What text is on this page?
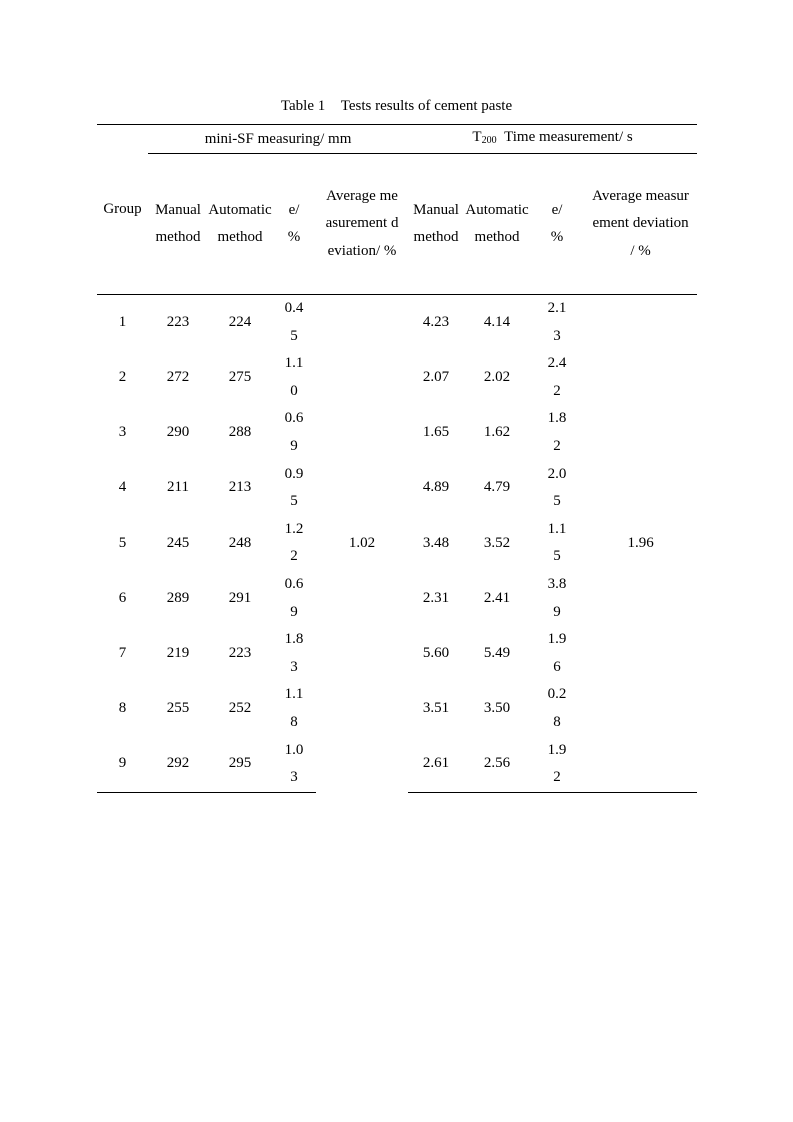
Table 1 Tests results of cement paste
Group	mini-SF measuring/ mm				$T_{200}$ Time measurement/ s			
	Manual method	Automatic method	e/ %	Average measurement deviation/ %	Manual method	Automatic method	e/ %	Average measurement deviation / %
1	223	224	0.45	1.02	4.23	4.14	2.13	1.96
2	272	275	1.10		2.07	2.02	2.42	
3	290	288	0.69		1.65	1.62	1.82	
4	211	213	0.95		4.89	4.79	2.05	
5	245	248	1.22		3.48	3.52	1.15	
6	289	291	0.69		2.31	2.41	3.89	
7	219	223	1.83		5.60	5.49	1.96	
8	255	252	1.18		3.51	3.50	0.28	
9	292	295	1.03		2.61	2.56	1.92	
